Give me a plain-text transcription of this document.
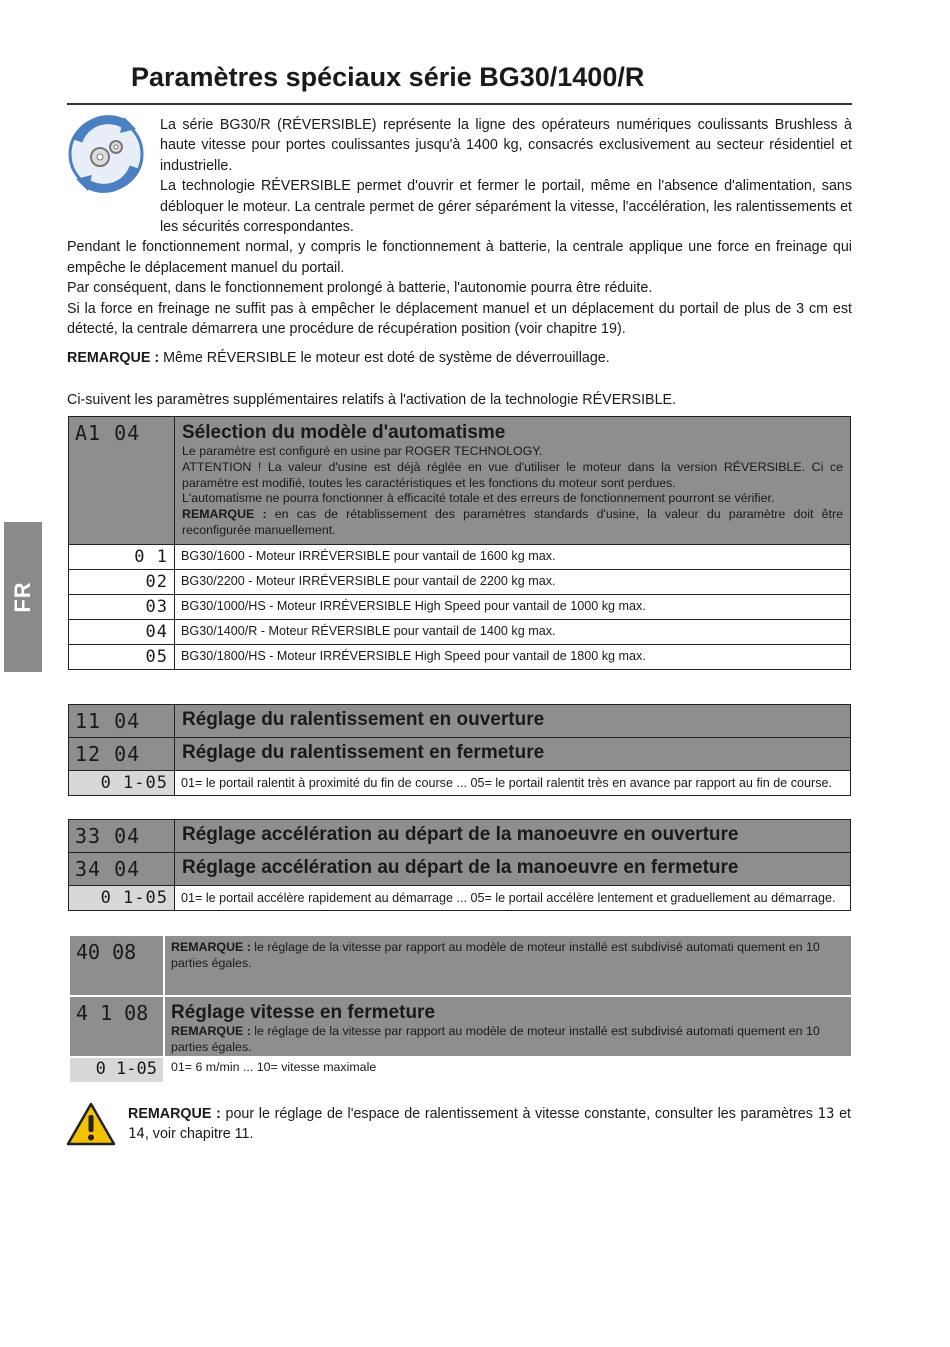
Paramètres spéciaux série BG30/1400/R
FR

La série BG30/R (RÉVERSIBLE) représente la ligne des opérateurs numériques coulissants Brushless à haute vitesse pour portes coulissantes jusqu'à 1400 kg, consacrés exclusivement au secteur résidentiel et industrielle.

La technologie RÉVERSIBLE permet d'ouvrir et fermer le portail, même en l'absence d'alimentation, sans débloquer le moteur. La centrale permet de gérer séparément la vitesse, l'accélération, les ralentissements et les sécurités correspondantes.

Pendant le fonctionnement normal, y compris le fonctionnement à batterie, la centrale applique une force en freinage qui empêche le déplacement manuel du portail.

Par conséquent, dans le fonctionnement prolongé à batterie, l'autonomie pourra être réduite.

Si la force en freinage ne suffit pas à empêcher le déplacement manuel et un déplacement du portail de plus de 3 cm est détecté, la centrale démarrera une procédure de récupération position (voir chapitre 19).

REMARQUE : Même RÉVERSIBLE le moteur est doté de système de déverrouillage.
Ci-suivent les paramètres supplémentaires relatifs à l'activation de la technologie RÉVERSIBLE.
A1 04	Sélection du modèle d'automatisme
Le paramètre est configuré en usine par ROGER TECHNOLOGY.
ATTENTION ! La valeur d'usine est déjà réglée en vue d'utiliser le moteur dans la version RÉVERSIBLE. Ci ce paramètre est modifié, toutes les caractéristiques et les fonctions du moteur sont perdues.
L'automatisme ne pourra fonctionner à efficacité totale et des erreurs de fonctionnement pourront se vérifier.
REMARQUE : en cas de rétablissement des paramètres standards d'usine, la valeur du paramètre doit être reconfigurée manuellement.

0 1	BG30/1600 - Moteur IRRÉVERSIBLE pour vantail de 1600 kg max.
02	BG30/2200 - Moteur IRRÉVERSIBLE pour vantail de 2200 kg max.
03	BG30/1000/HS - Moteur IRRÉVERSIBLE High Speed pour vantail de 1000 kg max.
04	BG30/1400/R - Moteur RÉVERSIBLE pour vantail de 1400 kg max.
05	BG30/1800/HS - Moteur IRRÉVERSIBLE High Speed pour vantail de 1800 kg max.
11 04	Réglage du ralentissement en ouverture
12 04	Réglage du ralentissement en fermeture
0 1-05	01= le portail ralentit à proximité du fin de course ... 05= le portail ralentit très en avance par rapport au fin de course.
33 04	Réglage accélération au départ de la manoeuvre en ouverture
34 04	Réglage accélération au départ de la manoeuvre en fermeture
0 1-05	01= le portail accélère rapidement au démarrage ... 05= le portail accélère lentement et graduellement au démarrage.
40 08	REMARQUE : le réglage de la vitesse par rapport au modèle de moteur installé est subdivisé automati quement en 10 parties égales.
4 1 08	Réglage vitesse en fermeture
REMARQUE : le réglage de la vitesse par rapport au modèle de moteur installé est subdivisé automati quement en 10 parties égales.
0 1-05	01= 6 m/min ... 10= vitesse maximale
REMARQUE : pour le réglage de l'espace de ralentissement à vitesse constante, consulter les paramètres 13 et 14, voir chapitre 11.
